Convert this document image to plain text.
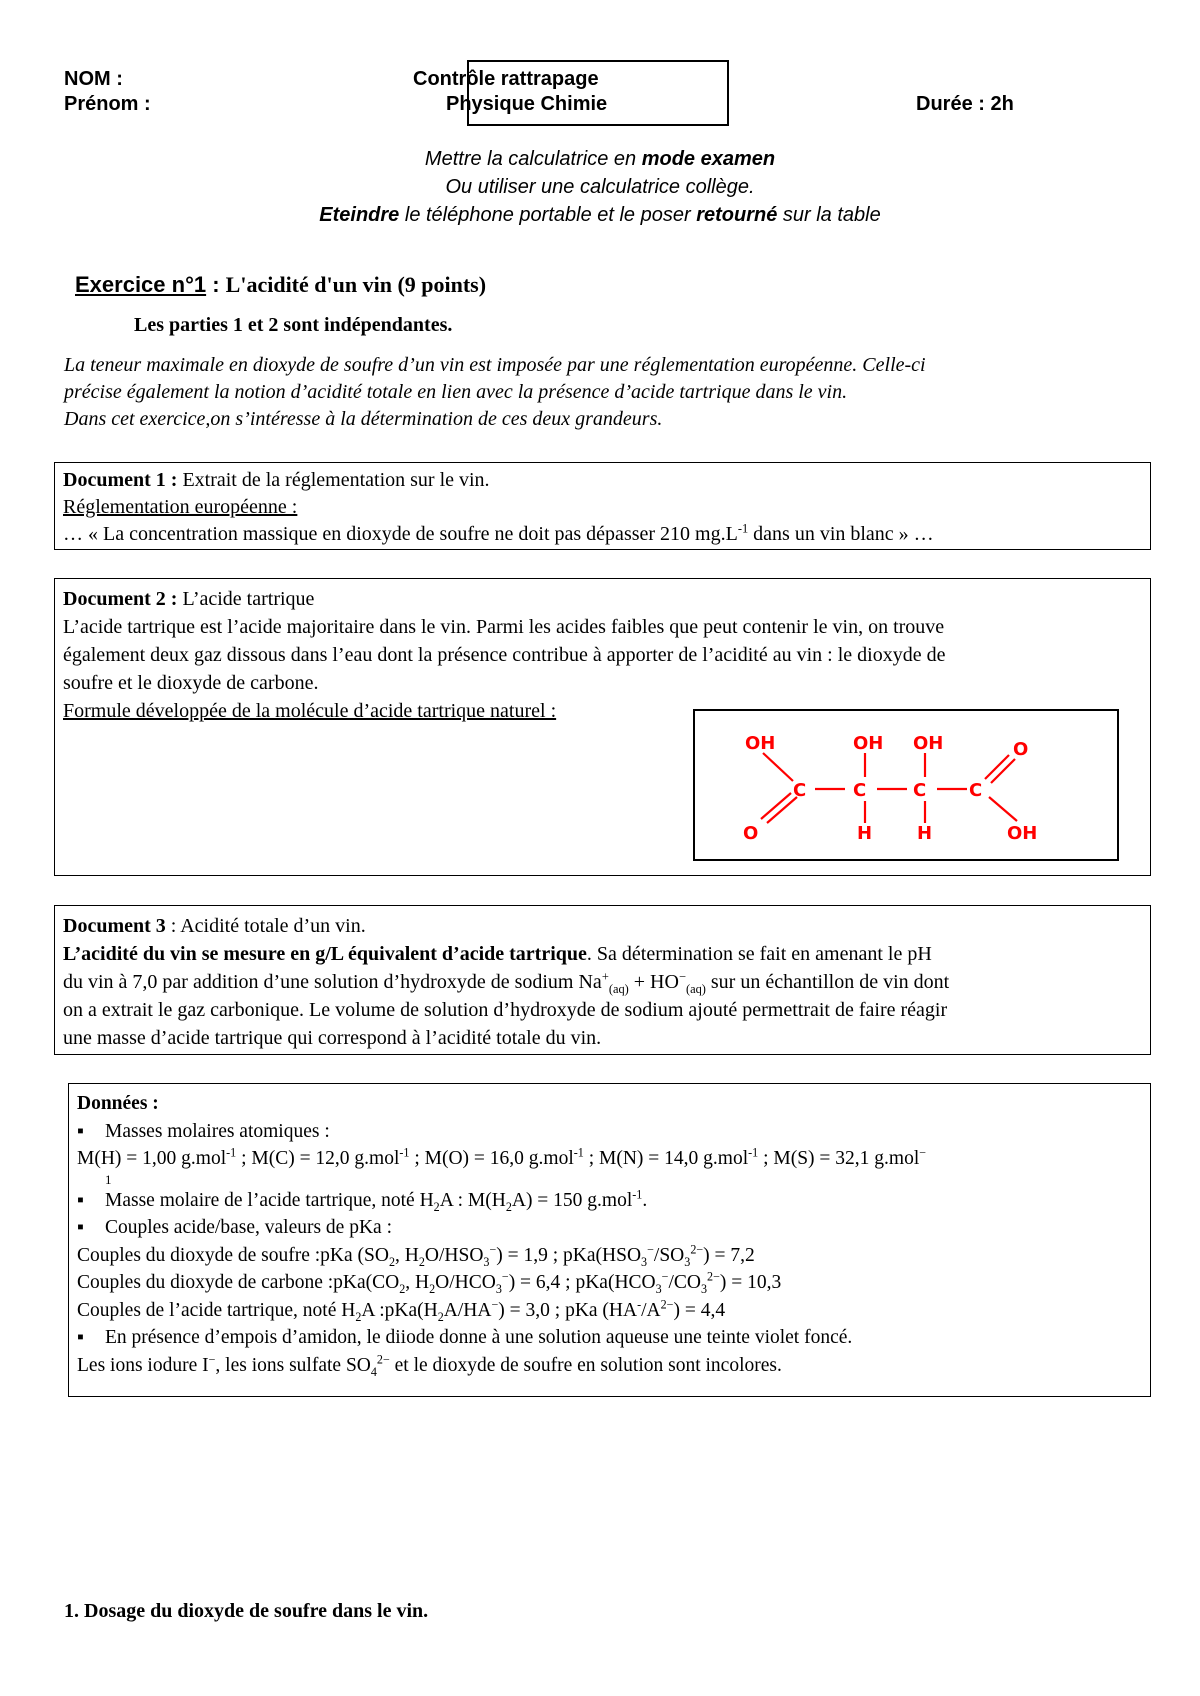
NOM :
Prénom :
Contrôle rattrapage
Physique Chimie	Durée : 2h
Mettre la calculatrice en mode examen
Ou utiliser une calculatrice collège.
Eteindre le téléphone portable et le poser retourné sur la table
Exercice n°1 : L'acidité d'un vin (9 points)
Les parties 1 et 2 sont indépendantes.
La teneur maximale en dioxyde de soufre d’un vin est imposée par une réglementation européenne. Celle-ci
précise également la notion d’acidité totale en lien avec la présence d’acide tartrique dans le vin.
Dans cet exercice,on s’intéresse à la détermination de ces deux grandeurs.
Document 1 : Extrait de la réglementation sur le vin.
Réglementation européenne :
… « La concentration massique en dioxyde de soufre ne doit pas dépasser 210 $mg.L^{-1}$ dans un vin blanc » …
Document 2 : L’acide tartrique
L’acide tartrique est l’acide majoritaire dans le vin. Parmi les acides faibles que peut contenir le vin, on trouve
également deux gaz dissous dans l’eau dont la présence contribue à apporter de l’acidité au vin : le dioxyde de
soufre et le dioxyde de carbone.
Formule développée de la molécule d’acide tartrique naturel :
OH
O
C
OH
C
H
OH
C
H
C
O
OH
Document 3 : Acidité totale d’un vin.
L’acidité du vin se mesure en g/L équivalent d’acide tartrique. Sa détermination se fait en amenant le pH
du vin à 7,0 par addition d’une solution d’hydroxyde de sodium $Na^+_{(aq)} + HO^-_{(aq)}$ sur un échantillon de vin dont
on a extrait le gaz carbonique. Le volume de solution d’hydroxyde de sodium ajouté permettrait de faire réagir
une masse d’acide tartrique qui correspond à l’acidité totale du vin.
Données :
▪ Masses molaires atomiques :
M(H) = 1,00 g.mol$^{-1}$ ; M(C) = 12,0 g.mol$^{-1}$ ; M(O) = 16,0 g.mol$^{-1}$ ; M(N) = 14,0 g.mol$^{-1}$ ; M(S) = 32,1 g.mol−
1
▪ Masse molaire de l’acide tartrique, noté $H_2A$ : $M(H_2A) = 150$ g.mol$^{-1}$.
▪ Couples acide/base, valeurs de pKa :
Couples du dioxyde de soufre :pKa ($SO_2$, $H_2O/HSO_3^-) = 1,9$ ; $pKa(HSO_3^-/SO_3^{2-}) = 7,2$
Couples du dioxyde de carbone $:pKa(CO_2$, $H_2O/HCO_3^-) = 6,4$ ; $pKa(HCO_3^-/CO_3^{2-}) = 10,3$
Couples de l’acide tartrique, noté $H_2A$ $:pKa(H_2A/HA^-) = 3,0$ ; pKa $(HA^-/A^{2-}) = 4,4$
▪ En présence d’empois d’amidon, le diiode donne à une solution aqueuse une teinte violet foncé.
Les ions iodure I−, les ions sulfate $SO_4^{2-}$ et le dioxyde de soufre en solution sont incolores.
1. Dosage du dioxyde de soufre dans le vin.
